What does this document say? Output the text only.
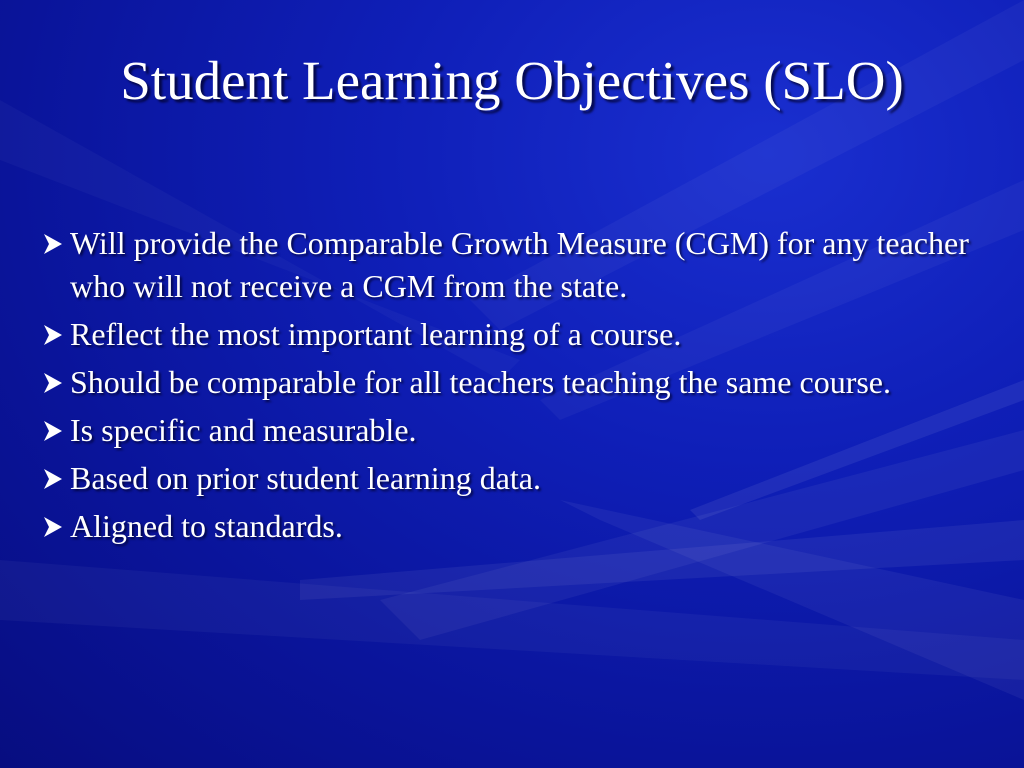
Student Learning Objectives (SLO)
Will provide the Comparable Growth Measure (CGM) for any teacher who will not receive a CGM from the state.
Reflect the most important learning of a course.
Should be comparable for all teachers teaching the same course.
Is specific and measurable.
Based on prior student learning data.
Aligned to standards.
